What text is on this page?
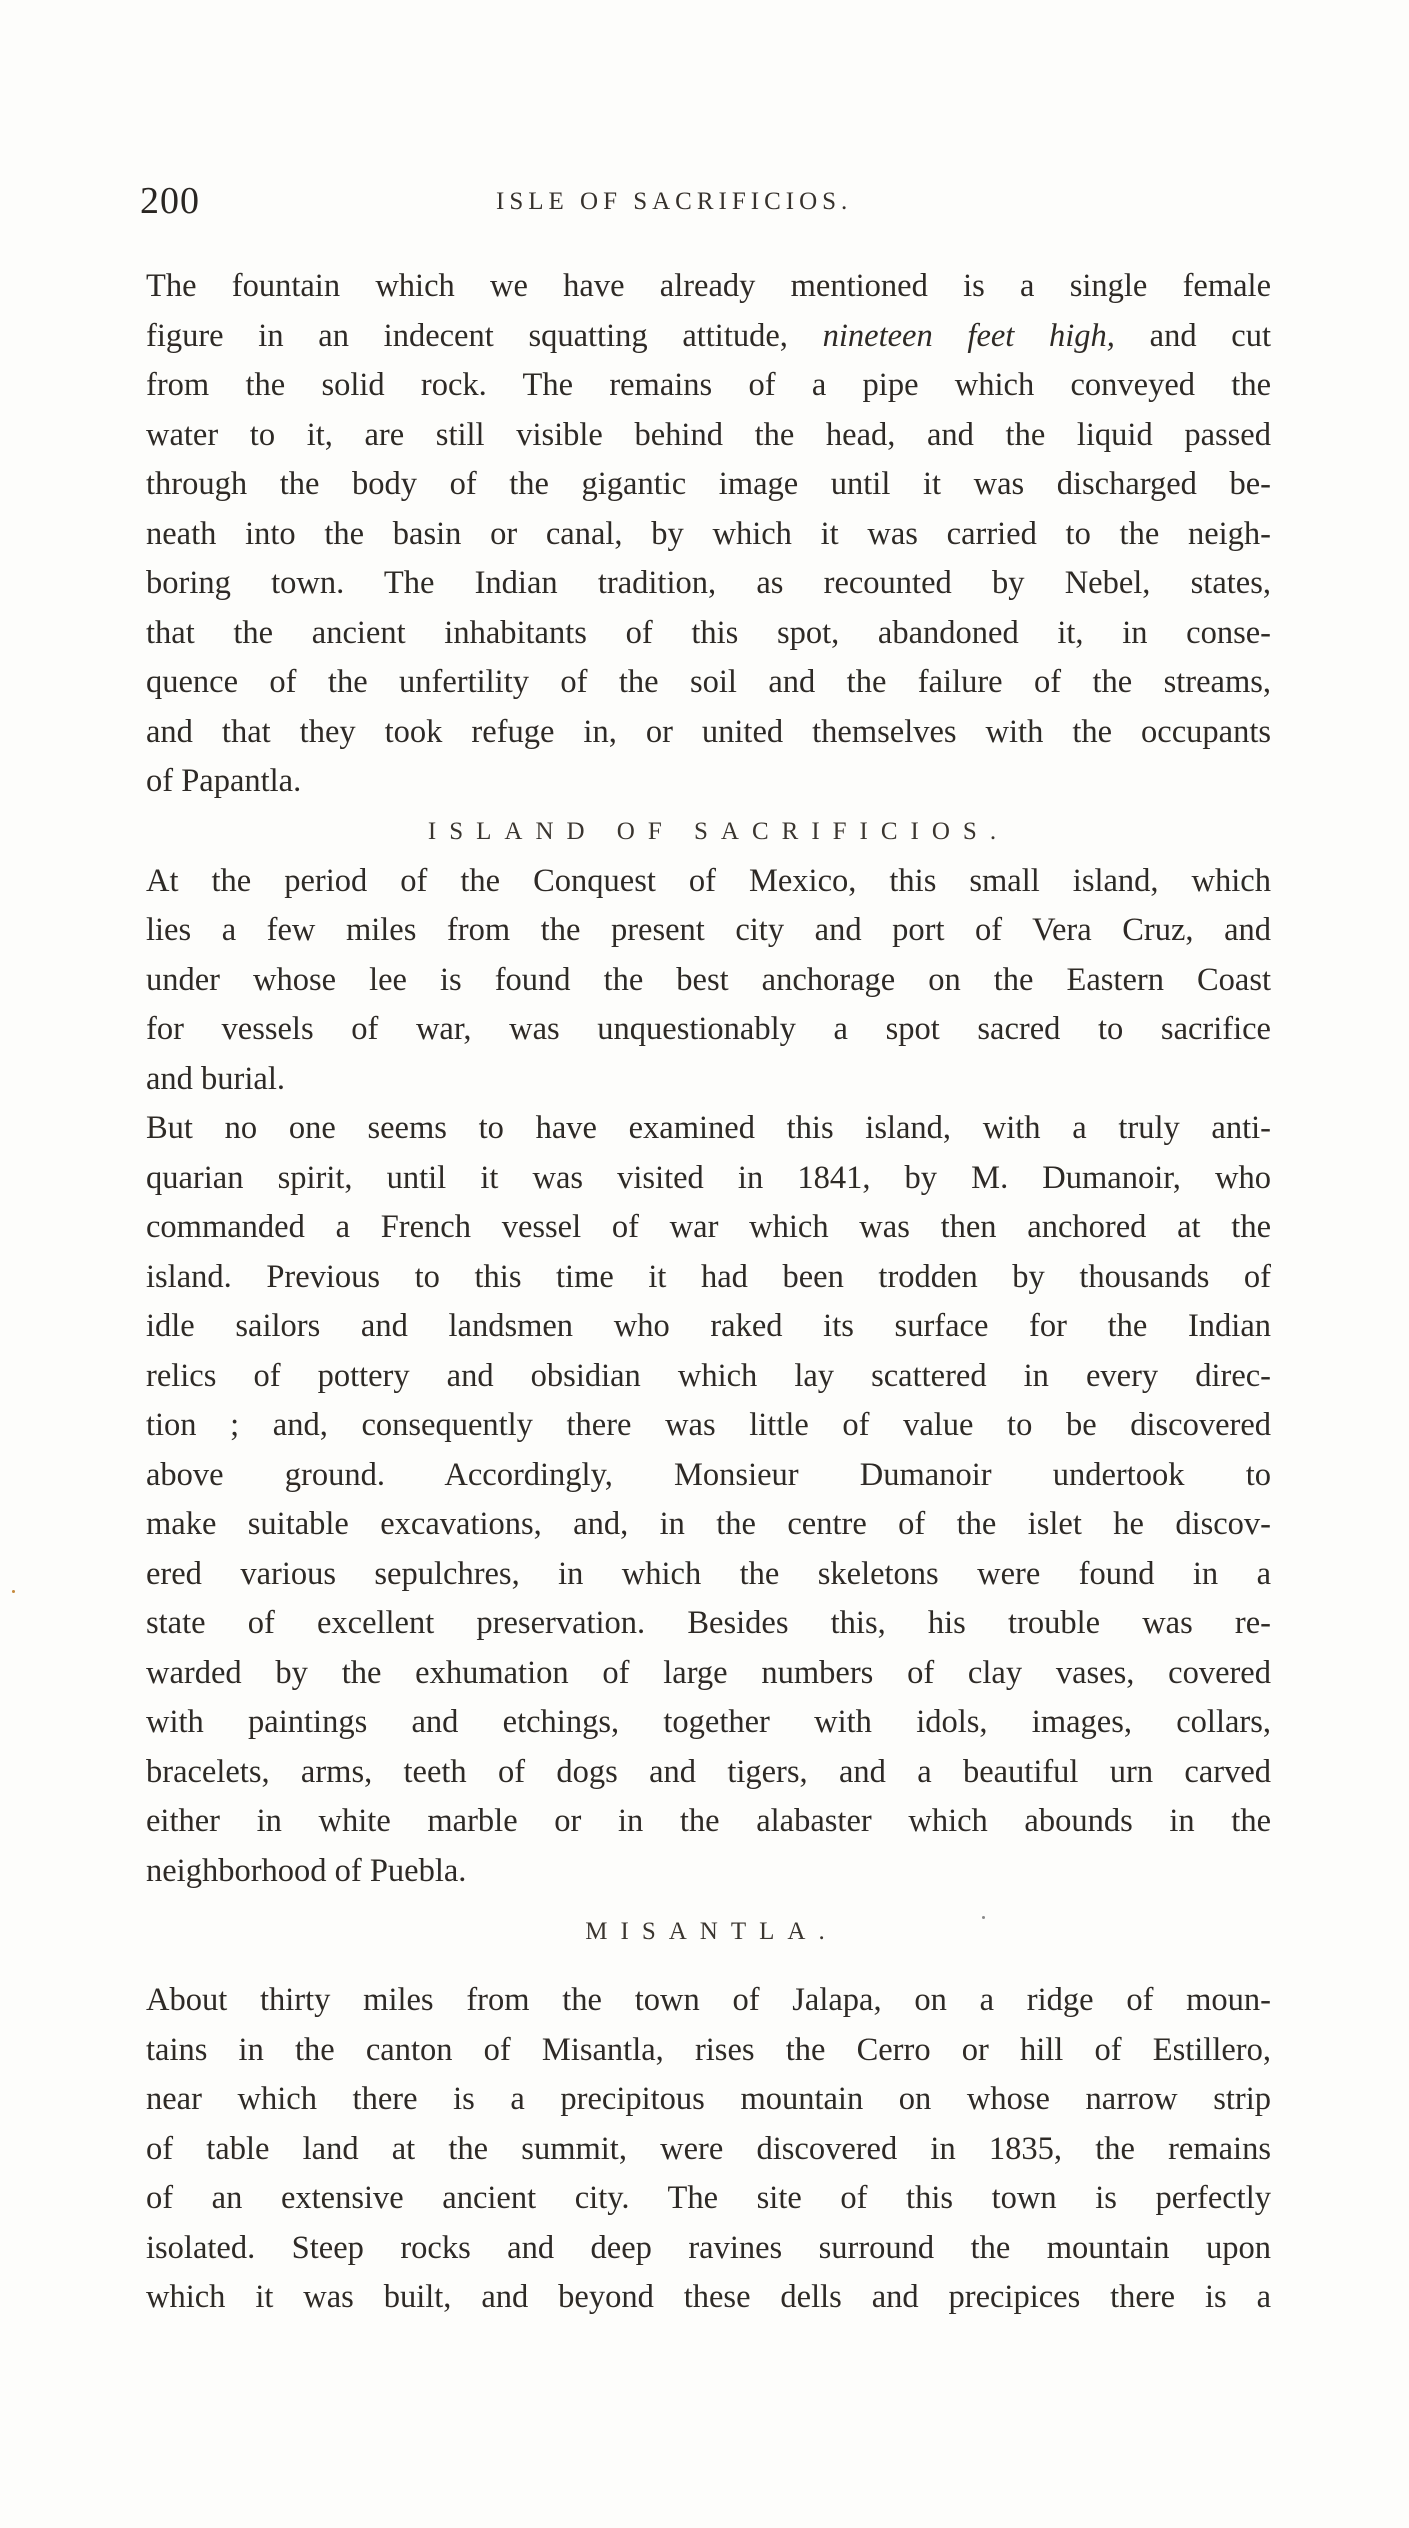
200	ISLE OF SACRIFICIOS.

The fountain which we have already mentioned is a single female
figure in an indecent squatting attitude, nineteen feet high, and cut
from the solid rock. The remains of a pipe which conveyed the
water to it, are still visible behind the head, and the liquid passed
through the body of the gigantic image until it was discharged be-
neath into the basin or canal, by which it was carried to the neigh-
boring town. The Indian tradition, as recounted by Nebel, states,
that the ancient inhabitants of this spot, abandoned it, in conse-
quence of the unfertility of the soil and the failure of the streams,
and that they took refuge in, or united themselves with the occupants
of Papantla.

ISLAND OF SACRIFICIOS.

At the period of the Conquest of Mexico, this small island, which
lies a few miles from the present city and port of Vera Cruz, and
under whose lee is found the best anchorage on the Eastern Coast
for vessels of war, was unquestionably a spot sacred to sacrifice
and burial.

But no one seems to have examined this island, with a truly anti-
quarian spirit, until it was visited in 1841, by M. Dumanoir, who
commanded a French vessel of war which was then anchored at the
island. Previous to this time it had been trodden by thousands of
idle sailors and landsmen who raked its surface for the Indian
relics of pottery and obsidian which lay scattered in every direc-
tion ; and, consequently there was little of value to be discovered
above ground. Accordingly, Monsieur Dumanoir undertook to
make suitable excavations, and, in the centre of the islet he discov-
ered various sepulchres, in which the skeletons were found in a
state of excellent preservation. Besides this, his trouble was re-
warded by the exhumation of large numbers of clay vases, covered
with paintings and etchings, together with idols, images, collars,
bracelets, arms, teeth of dogs and tigers, and a beautiful urn carved
either in white marble or in the alabaster which abounds in the
neighborhood of Puebla.

MISANTLA.

About thirty miles from the town of Jalapa, on a ridge of moun-
tains in the canton of Misantla, rises the Cerro or hill of Estillero,
near which there is a precipitous mountain on whose narrow strip
of table land at the summit, were discovered in 1835, the remains
of an extensive ancient city. The site of this town is perfectly
isolated. Steep rocks and deep ravines surround the mountain upon
which it was built, and beyond these dells and precipices there is a
